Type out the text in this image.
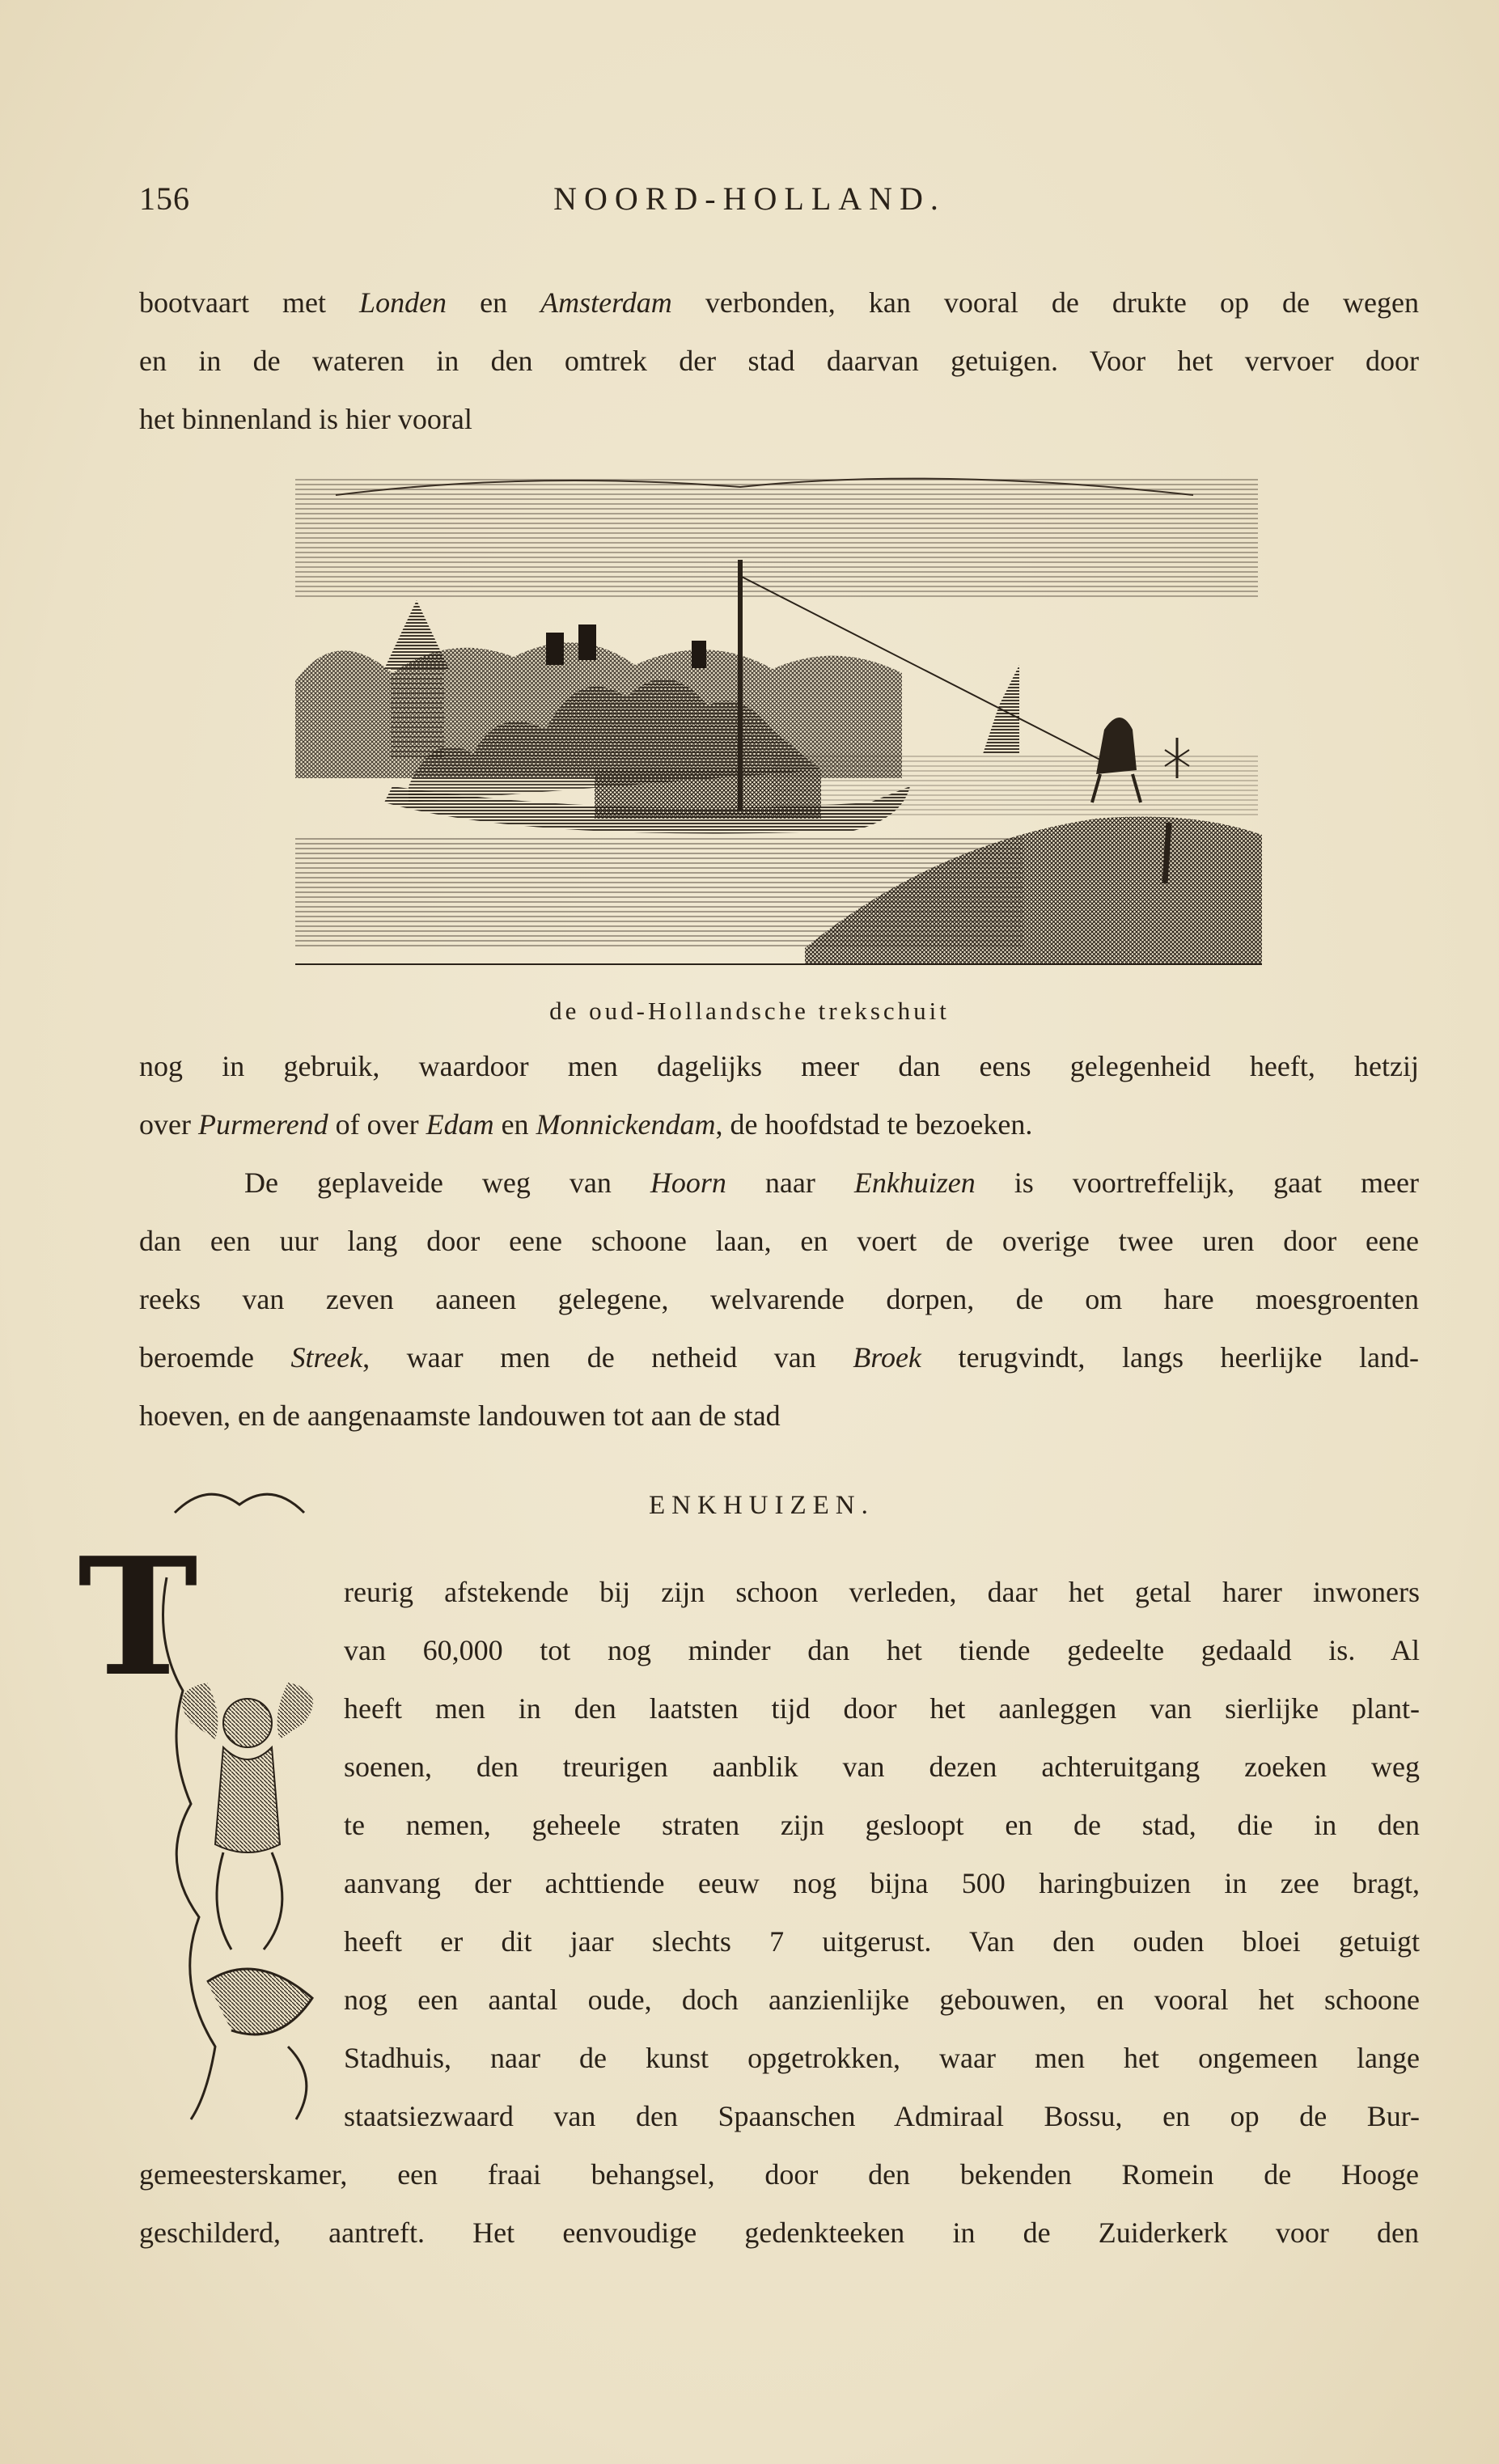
156	NOORD-HOLLAND.
bootvaart met Londen en Amsterdam verbonden, kan vooral de drukte op de wegen
en in de wateren in den omtrek der stad daarvan getuigen. Voor het vervoer door
het binnenland is hier vooral
de oud-Hollandsche trekschuit
nog in gebruik, waardoor men dagelijks meer dan eens gelegenheid heeft, hetzij
over Purmerend of over Edam en Monnickendam, de hoofdstad te bezoeken.
De geplaveide weg van Hoorn naar Enkhuizen is voortreffelijk, gaat meer
dan een uur lang door eene schoone laan, en voert de overige twee uren door eene
reeks van zeven aaneen gelegene, welvarende dorpen, de om hare moesgroenten
beroemde Streek, waar men de netheid van Broek terugvindt, langs heerlijke land-
hoeven, en de aangenaamste landouwen tot aan de stad
ENKHUIZEN.
T	reurig afstekende bij zijn schoon verleden, daar het getal harer inwoners
van 60,000 tot nog minder dan het tiende gedeelte gedaald is. Al
heeft men in den laatsten tijd door het aanleggen van sierlijke plant-
soenen, den treurigen aanblik van dezen achteruitgang zoeken weg
te nemen, geheele straten zijn gesloopt en de stad, die in den
aanvang der achttiende eeuw nog bijna 500 haringbuizen in zee bragt,
heeft er dit jaar slechts 7 uitgerust. Van den ouden bloei getuigt
nog een aantal oude, doch aanzienlijke gebouwen, en vooral het schoone
Stadhuis, naar de kunst opgetrokken, waar men het ongemeen lange
staatsiezwaard van den Spaanschen Admiraal Bossu, en op de Bur-
gemeesterskamer, een fraai behangsel, door den bekenden Romein de Hooge
geschilderd, aantreft. Het eenvoudige gedenkteeken in de Zuiderkerk voor den
